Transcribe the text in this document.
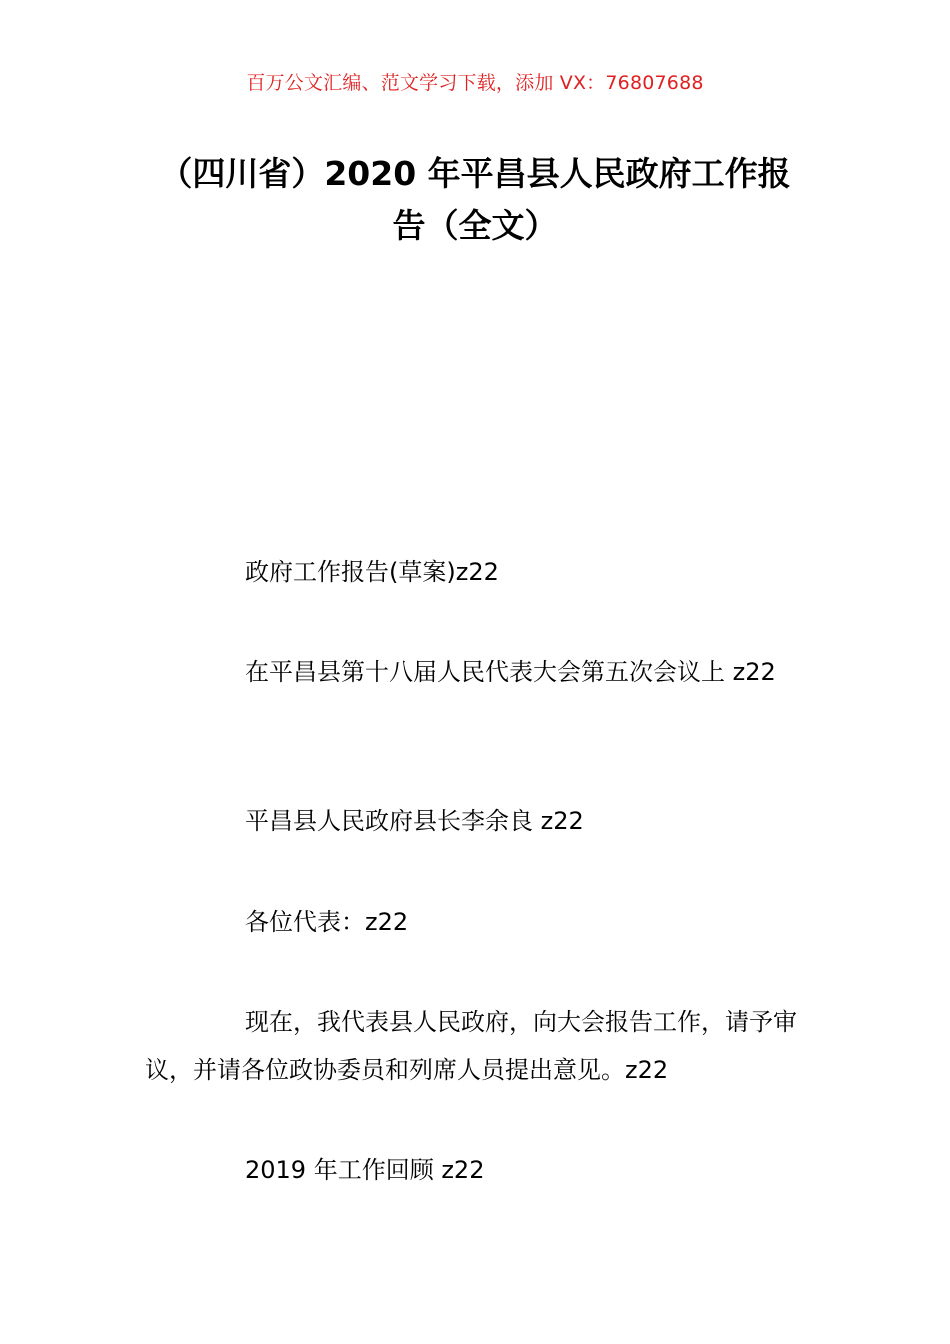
百万公文汇编、范文学习下载，添加 VX：76807688
（四川省）2020 年平昌县人民政府工作报
告（全文）
政府工作报告(草案)z22
在平昌县第十八届人民代表大会第五次会议上 z22
平昌县人民政府县长李余良 z22
各位代表：z22
现在，我代表县人民政府，向大会报告工作，请予审议，并请各位政协委员和列席人员提出意见。z22
2019 年工作回顾 z22
